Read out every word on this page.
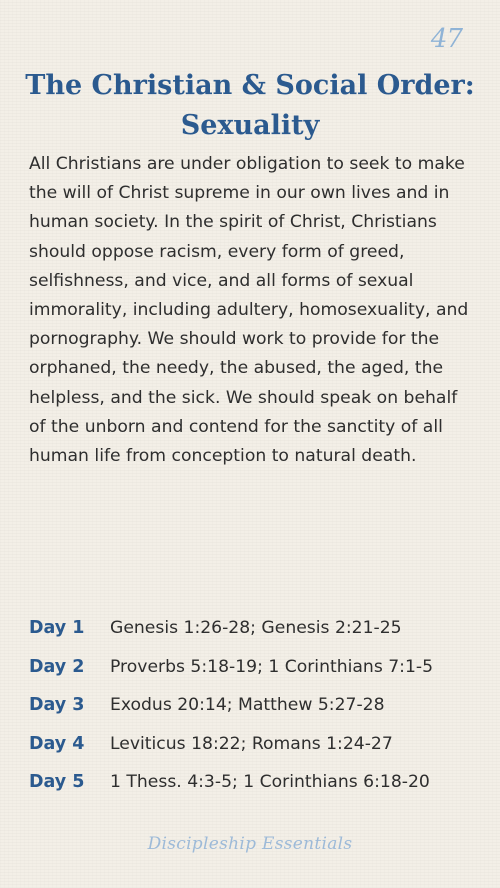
47
The Christian & Social Order:
Sexuality
All Christians are under obligation to seek to make the will of Christ supreme in our own lives and in human society. In the spirit of Christ, Christians should oppose racism, every form of greed, selfishness, and vice, and all forms of sexual immorality, including adultery, homosexuality, and pornography. We should work to provide for the orphaned, the needy, the abused, the aged, the helpless, and the sick. We should speak on behalf of the unborn and contend for the sanctity of all human life from conception to natural death.
Day 1	Genesis 1:26-28; Genesis 2:21-25
Day 2	Proverbs 5:18-19; 1 Corinthians 7:1-5
Day 3	Exodus 20:14; Matthew 5:27-28
Day 4	Leviticus 18:22; Romans 1:24-27
Day 5	1 Thess. 4:3-5; 1 Corinthians 6:18-20
Discipleship Essentials
